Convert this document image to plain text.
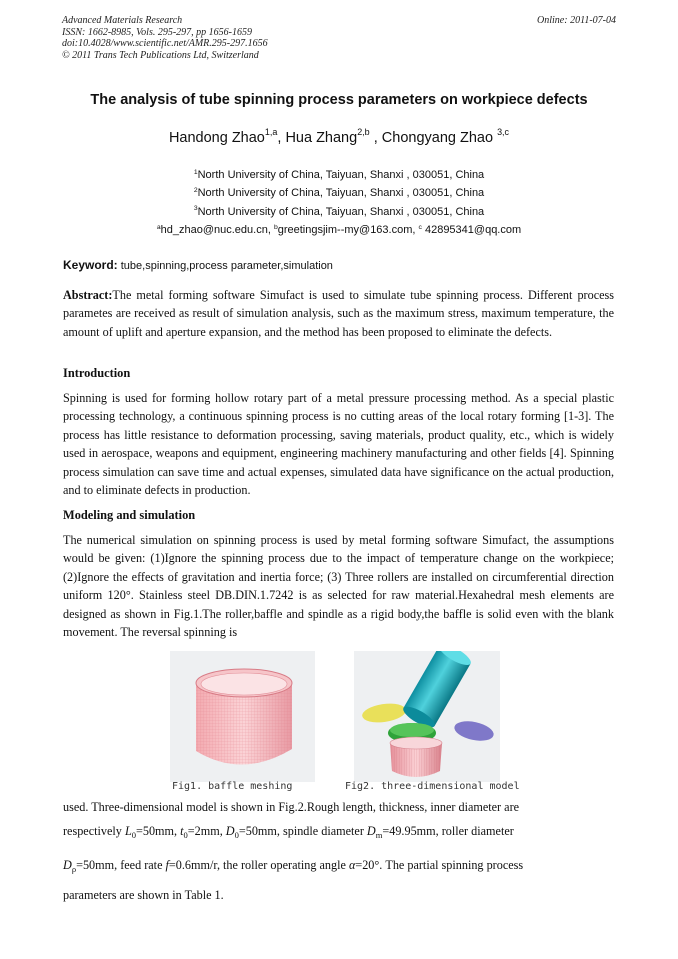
Advanced Materials Research
ISSN: 1662-8985, Vols. 295-297, pp 1656-1659
doi:10.4028/www.scientific.net/AMR.295-297.1656
© 2011 Trans Tech Publications Ltd, Switzerland
Online: 2011-07-04
The analysis of tube spinning process parameters on workpiece defects
Handong Zhao$^{1,a}$, Hua Zhang$^{2,b}$ , Chongyang Zhao $^{3,c}$
$^1$North University of China, Taiyuan, Shanxi , 030051, China
$^2$North University of China, Taiyuan, Shanxi , 030051, China
$^3$North University of China, Taiyuan, Shanxi , 030051, China
$^a$hd_zhao@nuc.edu.cn, $^b$greetingsjim--my@163.com, $^c$ 42895341@qq.com
Keyword: tube,spinning,process parameter,simulation
Abstract:The metal forming software Simufact is used to simulate tube spinning process. Different process parametes are received as result of simulation analysis, such as the maximum stress, maximum temperature, the amount of uplift and aperture expansion, and the method has been proposed to eliminate the defects.
Introduction
Spinning is used for forming hollow rotary part of a metal pressure processing method. As a special plastic processing technology, a continuous spinning process is no cutting areas of the local rotary forming [1-3]. The process has little resistance to deformation processing, saving materials, product quality, etc., which is widely used in aerospace, weapons and equipment, engineering machinery manufacturing and other fields [4]. Spinning process simulation can save time and actual expenses, simulated data have significance on the actual production, and to eliminate defects in production.
Modeling and simulation
The numerical simulation on spinning process is used by metal forming software Simufact, the assumptions would be given: (1)Ignore the spinning process due to the impact of temperature change on the workpiece; (2)Ignore the effects of gravitation and inertia force; (3) Three rollers are installed on circumferential direction uniform 120°. Stainless steel DB.DIN.1.7242 is as selected for raw material.Hexahedral mesh elements are designed as shown in Fig.1.The roller,baffle and spindle as a rigid body,the baffle is solid even with the blank movement. The reversal spinning is
Fig1. baffle meshing	Fig2. three-dimensional model
used. Three-dimensional model is shown in Fig.2.Rough length, thickness, inner diameter are
respectively $L_0=50mm$, $t_0=2mm$, $D_0=50mm$, spindle diameter $D_m=49.95mm$, roller diameter
$D_\rho=50mm$, feed rate f=0.6mm/r, the roller operating angle α=20°. The partial spinning process
parameters are shown in Table 1.
